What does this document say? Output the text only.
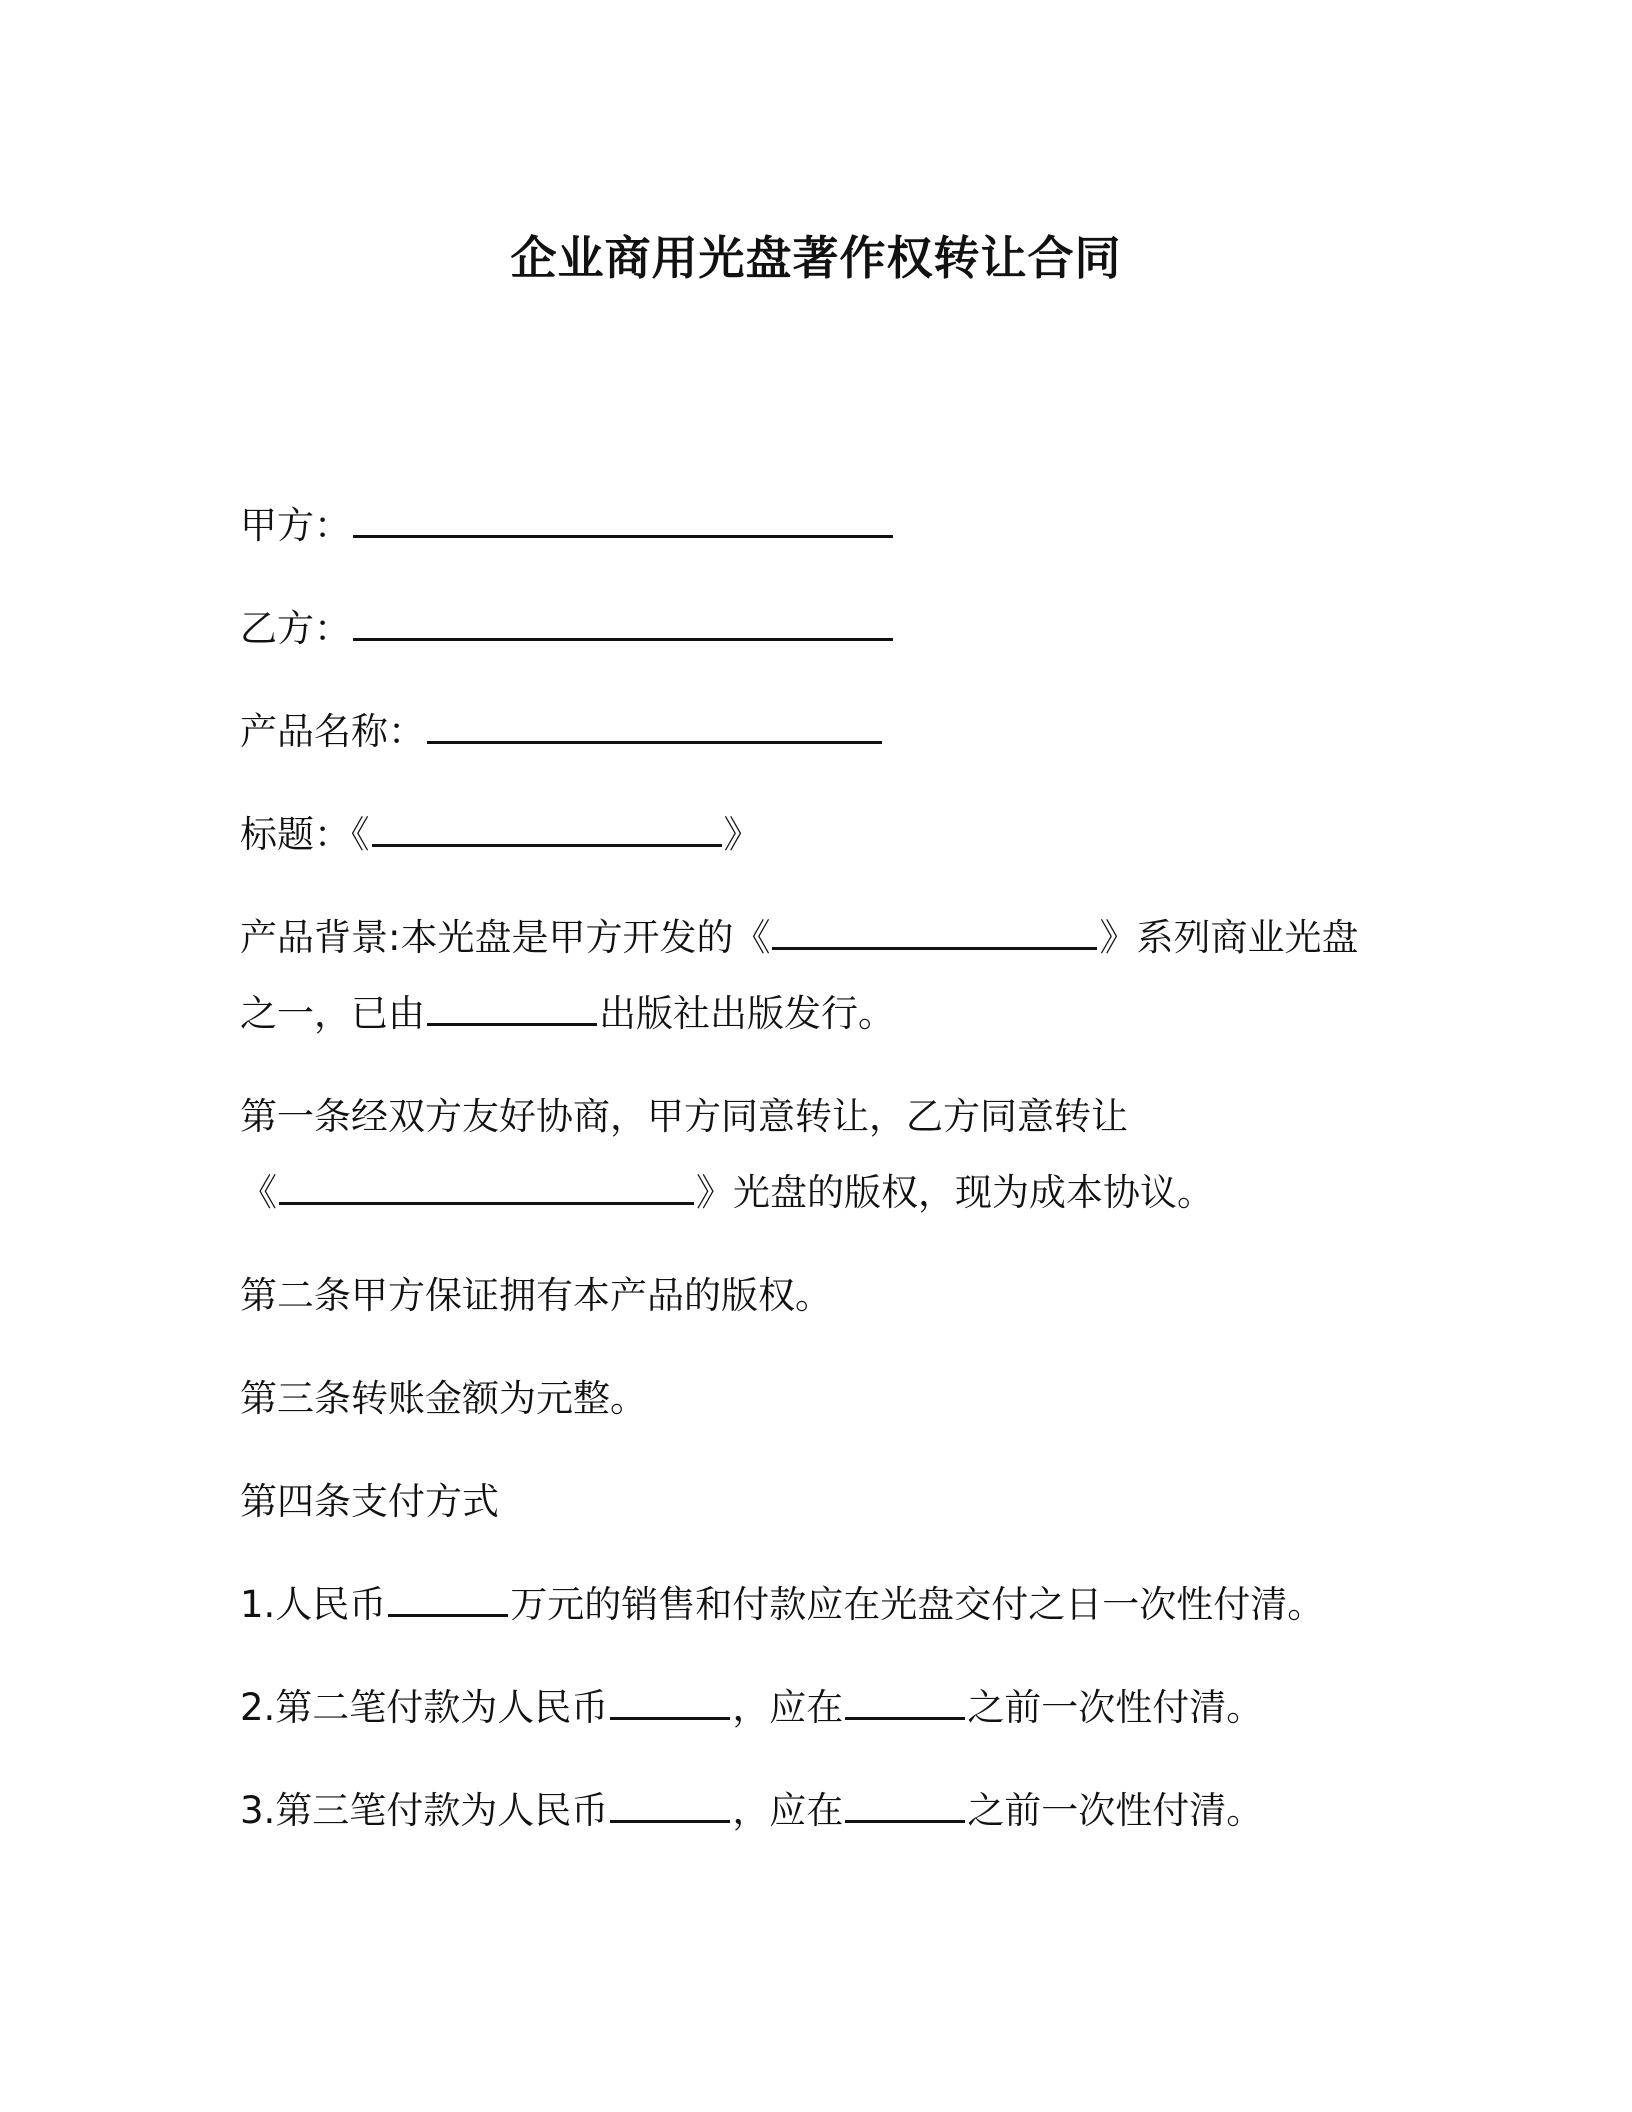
企业商用光盘著作权转让合同
甲方：
乙方：
产品名称：
标题：《	》
产品背景:本光盘是甲方开发的《	》系列商业光盘
之一，已由	出版社出版发行。
第一条经双方友好协商，甲方同意转让，乙方同意转让
《	》光盘的版权，现为成本协议。
第二条甲方保证拥有本产品的版权。
第三条转账金额为元整。
第四条支付方式
1.人民币	万元的销售和付款应在光盘交付之日一次性付清。
2.第二笔付款为人民币	，应在	之前一次性付清。
3.第三笔付款为人民币	，应在	之前一次性付清。
